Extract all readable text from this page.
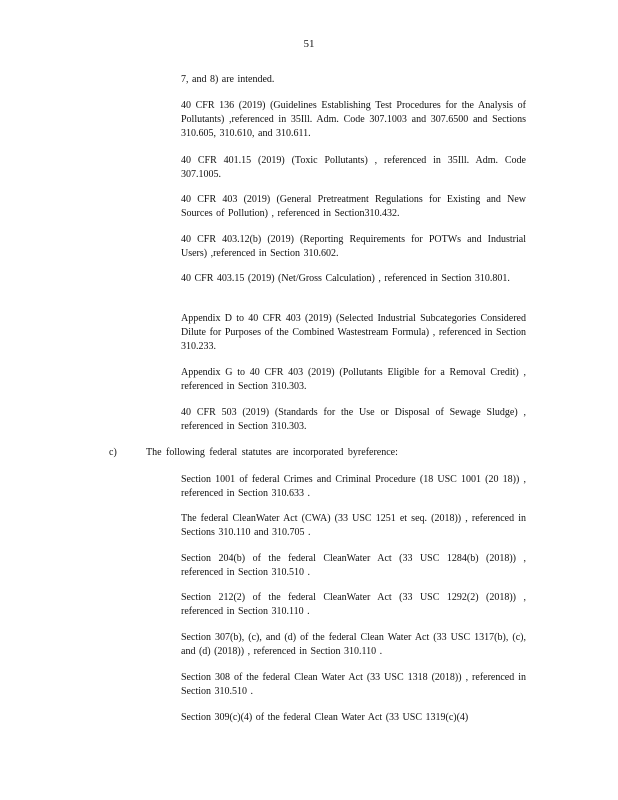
51
7, and 8) are intended.
40 CFR 136 (2019) (Guidelines Establishing Test Procedures for the Analysis of Pollutants) ,referenced in 35Ill. Adm. Code 307.1003 and 307.6500 and Sections 310.605, 310.610, and 310.611.
40 CFR 401.15 (2019) (Toxic Pollutants) , referenced in 35Ill. Adm. Code 307.1005.
40 CFR 403 (2019) (General Pretreatment Regulations for Existing and New Sources of Pollution) , referenced in Section310.432.
40 CFR 403.12(b) (2019) (Reporting Requirements for POTWs and Industrial Users) ,referenced in Section 310.602.
40 CFR 403.15 (2019) (Net/Gross Calculation) , referenced in Section 310.801.
Appendix D to 40 CFR 403 (2019) (Selected Industrial Subcategories Considered Dilute for Purposes of the Combined Wastestream Formula) , referenced in Section 310.233.
Appendix G to 40 CFR 403 (2019) (Pollutants Eligible for a Removal Credit) , referenced in Section 310.303.
40 CFR 503 (2019) (Standards for the Use or Disposal of Sewage Sludge) , referenced in Section 310.303.
c)	The following federal statutes are incorporated byreference:
Section 1001 of federal Crimes and Criminal Procedure (18 USC 1001 (20 18)) , referenced in Section 310.633 .
The federal CleanWater Act (CWA) (33 USC 1251 et seq. (2018)) , referenced in Sections 310.110 and 310.705 .
Section 204(b) of the federal CleanWater Act (33 USC 1284(b) (2018)) , referenced in Section 310.510 .
Section 212(2) of the federal CleanWater Act (33 USC 1292(2) (2018)) , referenced in Section 310.110 .
Section 307(b), (c), and (d) of the federal Clean Water Act (33 USC 1317(b), (c), and (d) (2018)) , referenced in Section 310.110 .
Section 308 of the federal Clean Water Act (33 USC 1318 (2018)) , referenced in Section 310.510 .
Section 309(c)(4) of the federal Clean Water Act (33 USC 1319(c)(4)
